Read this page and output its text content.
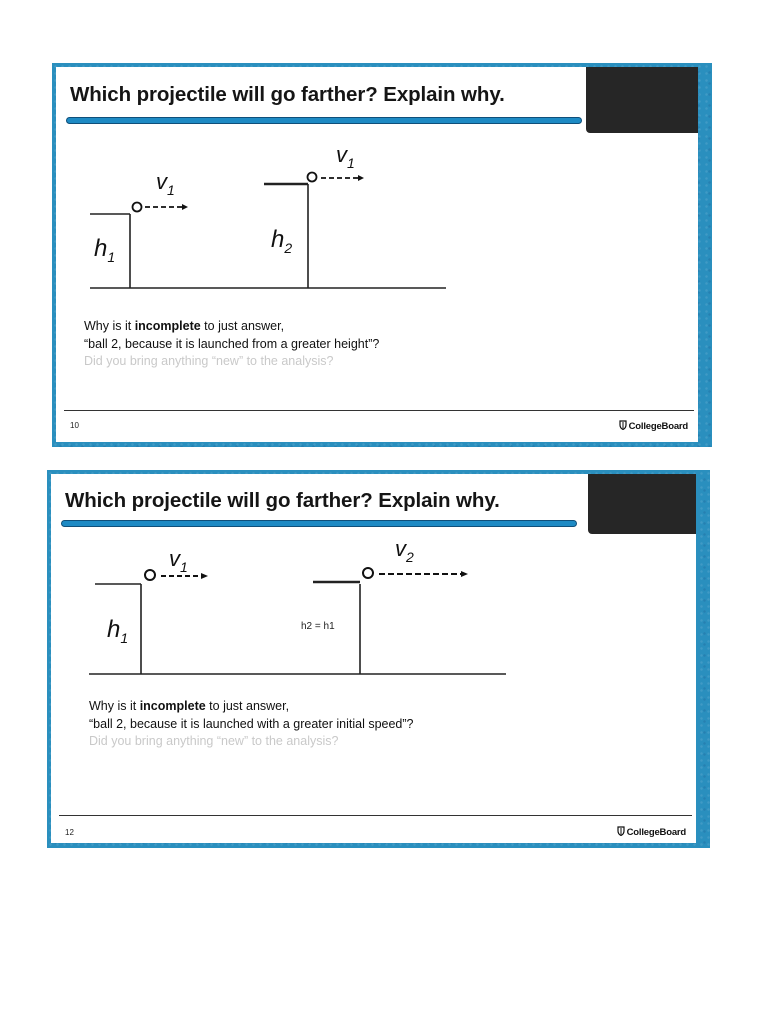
Which projectile will go farther? Explain why.
$v_1$
$v_1$
$h_1$
$h_2$
Why is it incomplete to just answer,
“ball 2, because it is launched from a greater height”?
Did you bring anything “new” to the analysis?
10	CollegeBoard
Which projectile will go farther? Explain why.
$v_1$
$v_2$
$h_1$
h2 = h1
Why is it incomplete to just answer,
“ball 2, because it is launched with a greater initial speed”?
Did you bring anything “new” to the analysis?
12	CollegeBoard
